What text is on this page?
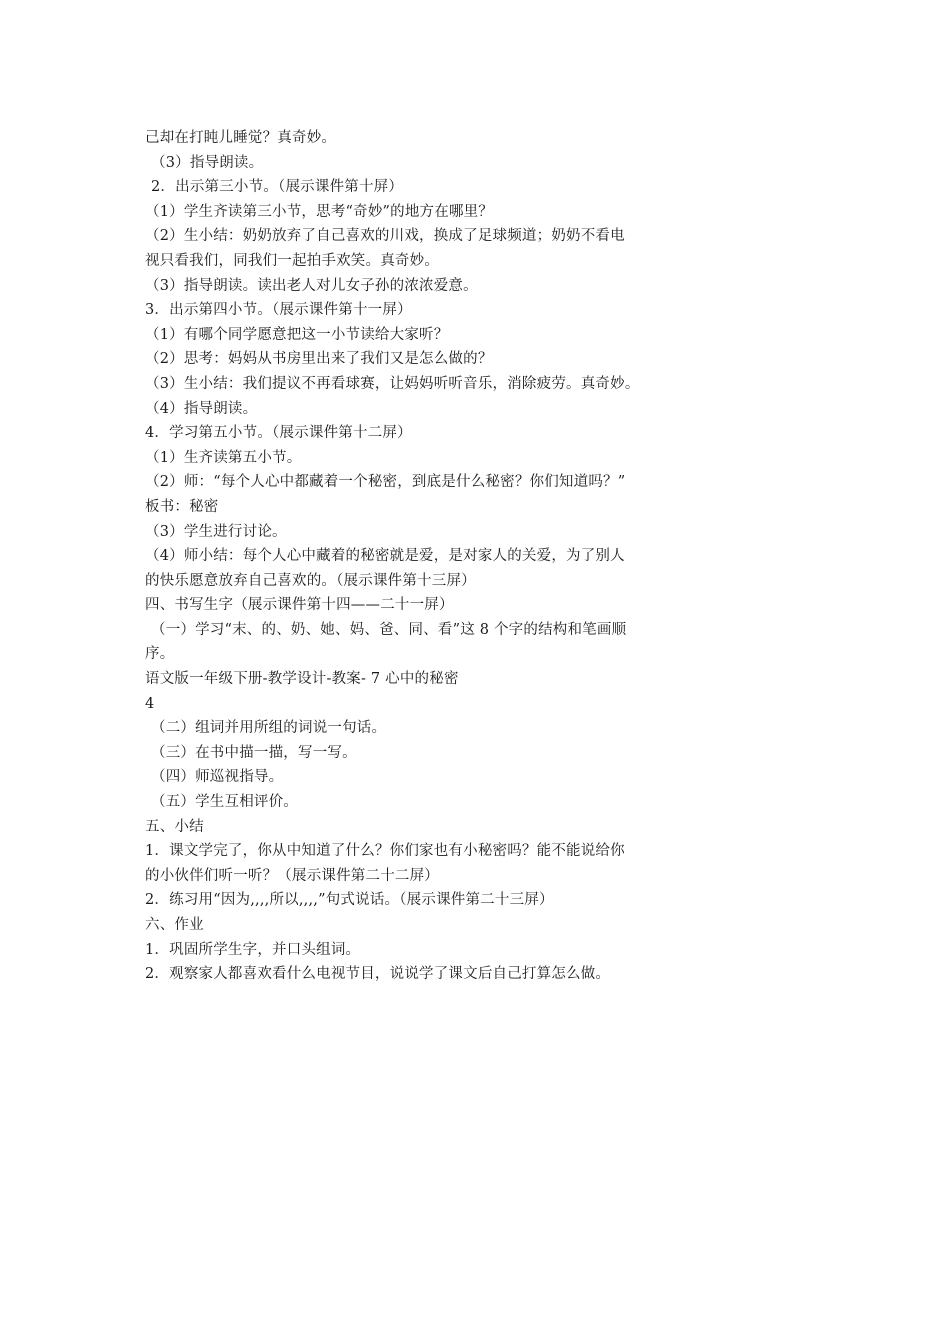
己却在打盹儿睡觉？真奇妙。
（3）指导朗读。
2．出示第三小节。（展示课件第十屏）
（1）学生齐读第三小节，思考“奇妙”的地方在哪里？
（2）生小结：奶奶放弃了自己喜欢的川戏，换成了足球频道；奶奶不看电
视只看我们，同我们一起拍手欢笑。真奇妙。
（3）指导朗读。读出老人对儿女子孙的浓浓爱意。
3．出示第四小节。（展示课件第十一屏）
（1）有哪个同学愿意把这一小节读给大家听？
（2）思考：妈妈从书房里出来了我们又是怎么做的？
（3）生小结：我们提议不再看球赛，让妈妈听听音乐，消除疲劳。真奇妙。
（4）指导朗读。
4．学习第五小节。（展示课件第十二屏）
（1）生齐读第五小节。
（2）师：“每个人心中都藏着一个秘密，到底是什么秘密？你们知道吗？”
板书：秘密
（3）学生进行讨论。
（4）师小结：每个人心中藏着的秘密就是爱，是对家人的关爱，为了别人
的快乐愿意放弃自己喜欢的。（展示课件第十三屏）
四、书写生字（展示课件第十四——二十一屏）
（一）学习“末、的、奶、她、妈、爸、同、看”这 8 个字的结构和笔画顺
序。
语文版一年级下册-教学设计-教案- 7 心中的秘密
4
（二）组词并用所组的词说一句话。
（三）在书中描一描，写一写。
（四）师巡视指导。
（五）学生互相评价。
五、小结
1．课文学完了，你从中知道了什么？你们家也有小秘密吗？能不能说给你
的小伙伴们听一听？（展示课件第二十二屏）
2．练习用“因为,,,,所以,,,,”句式说话。（展示课件第二十三屏）
六、作业
1．巩固所学生字，并口头组词。
2．观察家人都喜欢看什么电视节目，说说学了课文后自己打算怎么做。
